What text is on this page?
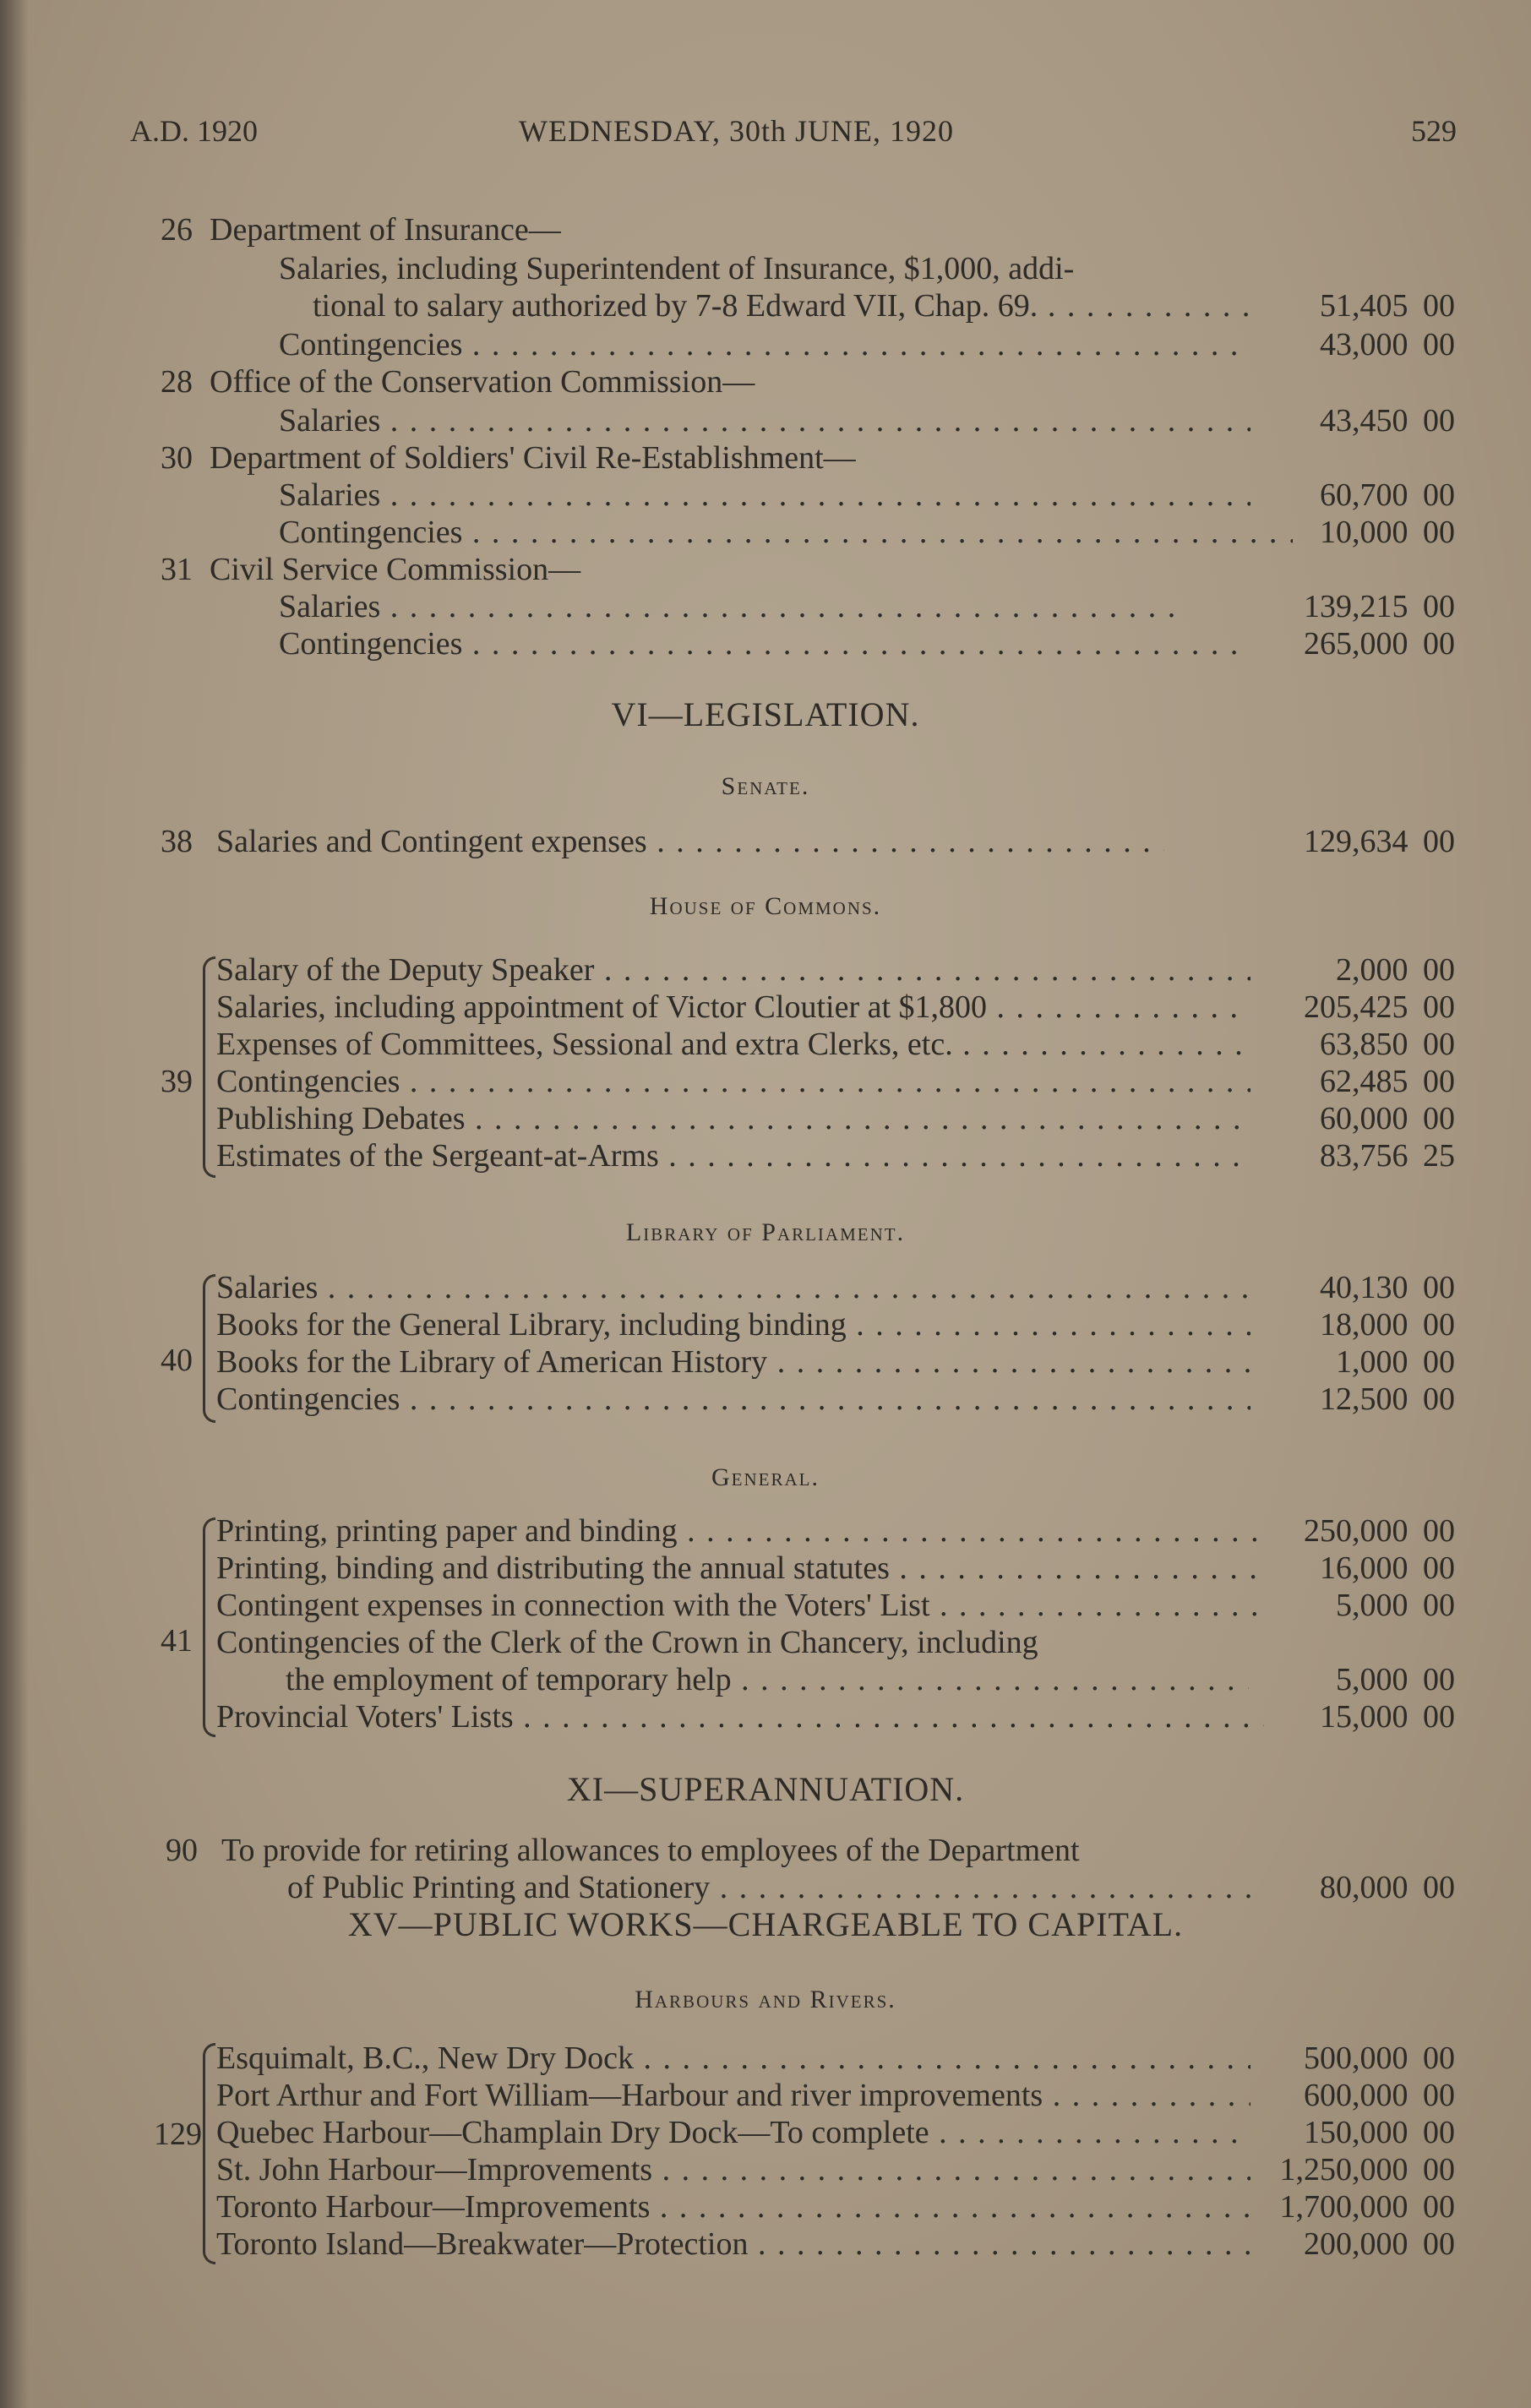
A.D. 1920	WEDNESDAY, 30th JUNE, 1920	529
26 Department of Insurance—
Salaries, including Superintendent of Insurance, $1,000, addi-
tional to salary authorized by 7-8 Edward VII, Chap. 69. . . .	51,405 00
Contingencies . . .	43,000 00
28 Office of the Conservation Commission—
Salaries . . .	43,450 00
30 Department of Soldiers' Civil Re-Establishment—
Salaries . . .	60,700 00
Contingencies . . .	10,000 00
31 Civil Service Commission—
Salaries . . .	139,215 00
Contingencies . . .	265,000 00
VI—LEGISLATION.
Senate.
38 Salaries and Contingent expenses . . .	129,634 00
House of Commons.
39
Salary of the Deputy Speaker . . .	2,000 00
Salaries, including appointment of Victor Cloutier at $1,800 . . .	205,425 00
Expenses of Committees, Sessional and extra Clerks, etc. . . .	63,850 00
Contingencies . . .	62,485 00
Publishing Debates . . .	60,000 00
Estimates of the Sergeant-at-Arms . . .	83,756 25
Library of Parliament.
40
Salaries . . .	40,130 00
Books for the General Library, including binding . . .	18,000 00
Books for the Library of American History . . .	1,000 00
Contingencies . . .	12,500 00
General.
41
Printing, printing paper and binding . . .	250,000 00
Printing, binding and distributing the annual statutes . . .	16,000 00
Contingent expenses in connection with the Voters' List . . .	5,000 00
Contingencies of the Clerk of the Crown in Chancery, including
the employment of temporary help . . .	5,000 00
Provincial Voters' Lists . . .	15,000 00
XI—SUPERANNUATION.
90 To provide for retiring allowances to employees of the Department
of Public Printing and Stationery . . .	80,000 00
XV—PUBLIC WORKS—CHARGEABLE TO CAPITAL.
Harbours and Rivers.
129
Esquimalt, B.C., New Dry Dock . . .	500,000 00
Port Arthur and Fort William—Harbour and river improvements . . .	600,000 00
Quebec Harbour—Champlain Dry Dock—To complete . . .	150,000 00
St. John Harbour—Improvements . . .	1,250,000 00
Toronto Harbour—Improvements . . .	1,700,000 00
Toronto Island—Breakwater—Protection . . .	200,000 00
